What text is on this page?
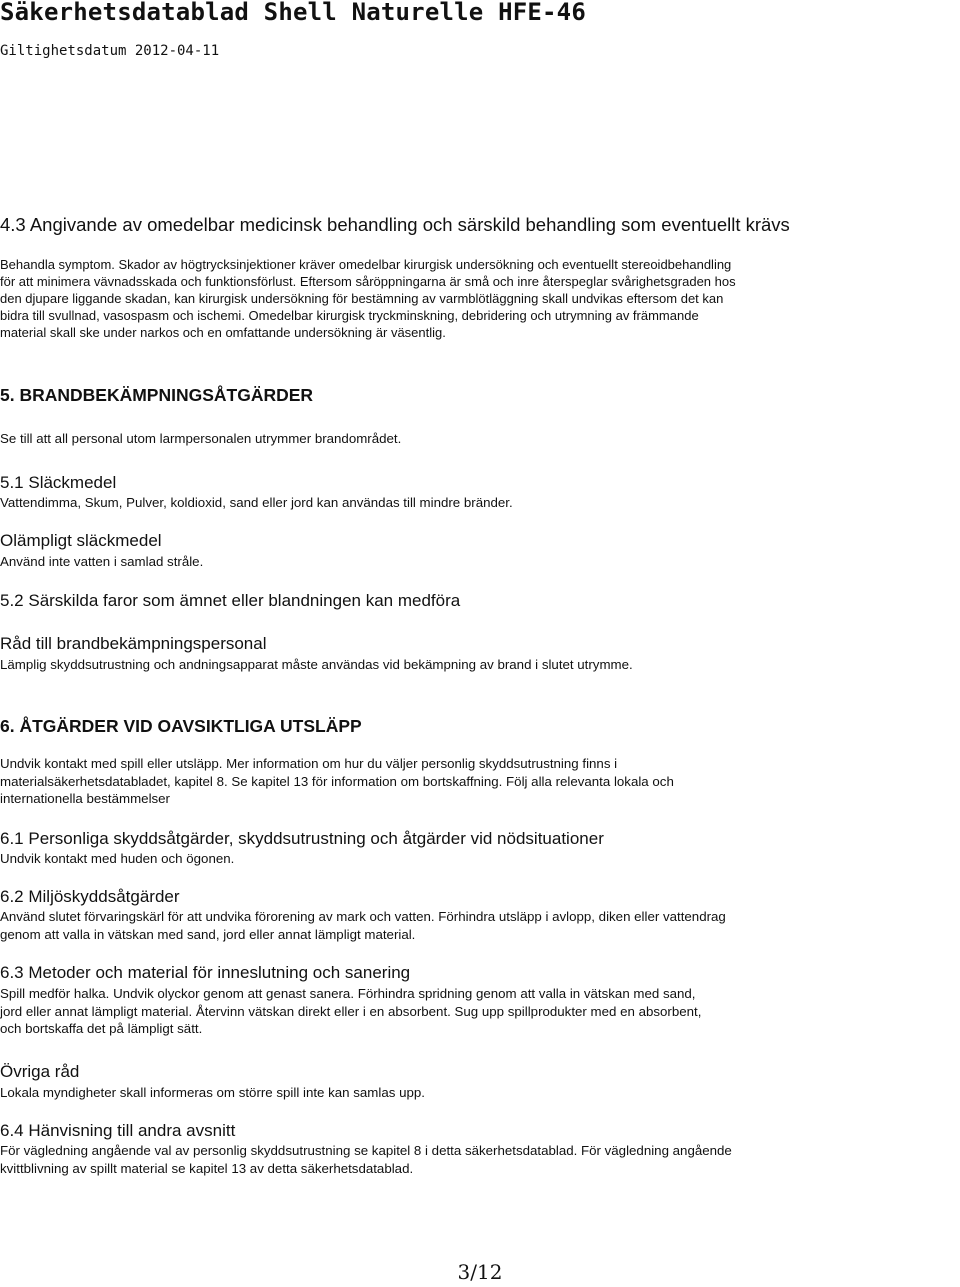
Säkerhetsdatablad Shell Naturelle HFE-46
Giltighetsdatum 2012-04-11
4.3 Angivande av omedelbar medicinsk behandling och särskild behandling som eventuellt krävs
Behandla symptom. Skador av högtrycksinjektioner kräver omedelbar kirurgisk undersökning och eventuellt stereoidbehandling
för att minimera vävnadsskada och funktionsförlust. Eftersom såröppningarna är små och inre återspeglar svårighetsgraden hos
den djupare liggande skadan, kan kirurgisk undersökning för bestämning av varmblötläggning skall undvikas eftersom det kan
bidra till svullnad, vasospasm och ischemi. Omedelbar kirurgisk tryckminskning, debridering och utrymning av främmande
material skall ske under narkos och en omfattande undersökning är väsentlig.
5. BRANDBEKÄMPNINGSÅTGÄRDER
Se till att all personal utom larmpersonalen utrymmer brandområdet.
5.1 Släckmedel
Vattendimma, Skum, Pulver, koldioxid, sand eller jord kan användas till mindre bränder.
Olämpligt släckmedel
Använd inte vatten i samlad stråle.
5.2 Särskilda faror som ämnet eller blandningen kan medföra
Råd till brandbekämpningspersonal
Lämplig skyddsutrustning och andningsapparat måste användas vid bekämpning av brand i slutet utrymme.
6. ÅTGÄRDER VID OAVSIKTLIGA UTSLÄPP
Undvik kontakt med spill eller utsläpp. Mer information om hur du väljer personlig skyddsutrustning finns i
materialsäkerhetsdatabladet, kapitel 8. Se kapitel 13 för information om bortskaffning. Följ alla relevanta lokala och
internationella bestämmelser
6.1 Personliga skyddsåtgärder, skyddsutrustning och åtgärder vid nödsituationer
Undvik kontakt med huden och ögonen.
6.2 Miljöskyddsåtgärder
Använd slutet förvaringskärl för att undvika förorening av mark och vatten. Förhindra utsläpp i avlopp, diken eller vattendrag
genom att valla in vätskan med sand, jord eller annat lämpligt material.
6.3 Metoder och material för inneslutning och sanering
Spill medför halka. Undvik olyckor genom att genast sanera. Förhindra spridning genom att valla in vätskan med sand,
jord eller annat lämpligt material. Återvinn vätskan direkt eller i en absorbent. Sug upp spillprodukter med en absorbent,
och bortskaffa det på lämpligt sätt.
Övriga råd
Lokala myndigheter skall informeras om större spill inte kan samlas upp.
6.4 Hänvisning till andra avsnitt
För vägledning angående val av personlig skyddsutrustning se kapitel 8 i detta säkerhetsdatablad. För vägledning angående
kvittblivning av spillt material se kapitel 13 av detta säkerhetsdatablad.
3/12
